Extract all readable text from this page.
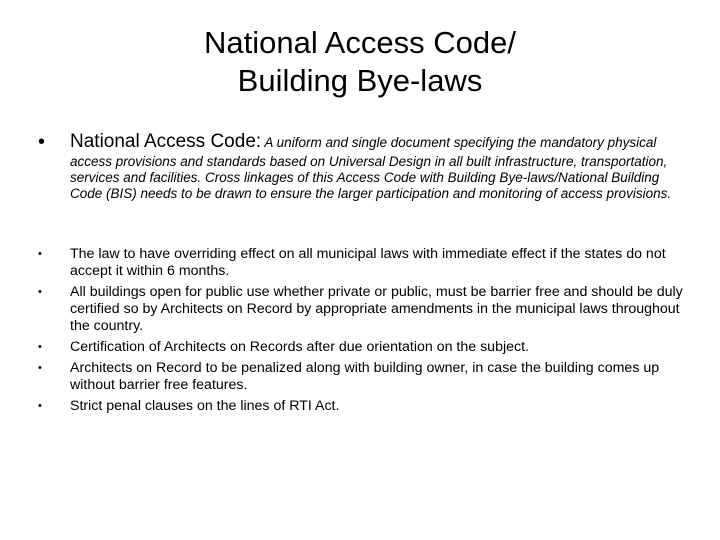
National Access Code/
Building Bye-laws
• National Access Code: A uniform and single document specifying the mandatory physical access provisions and standards based on Universal Design in all built infrastructure, transportation, services and facilities. Cross linkages of this Access Code with Building Bye-laws/National Building Code (BIS) needs to be drawn to ensure the larger participation and monitoring of access provisions.
• The law to have overriding effect on all municipal laws with immediate effect if the states do not accept it within 6 months.
• All buildings open for public use whether private or public, must be barrier free and should be duly certified so by Architects on Record by appropriate amendments in the municipal laws throughout the country.
• Certification of Architects on Records after due orientation on the subject.
• Architects on Record to be penalized along with building owner, in case the building comes up without barrier free features.
• Strict penal clauses on the lines of RTI Act.
